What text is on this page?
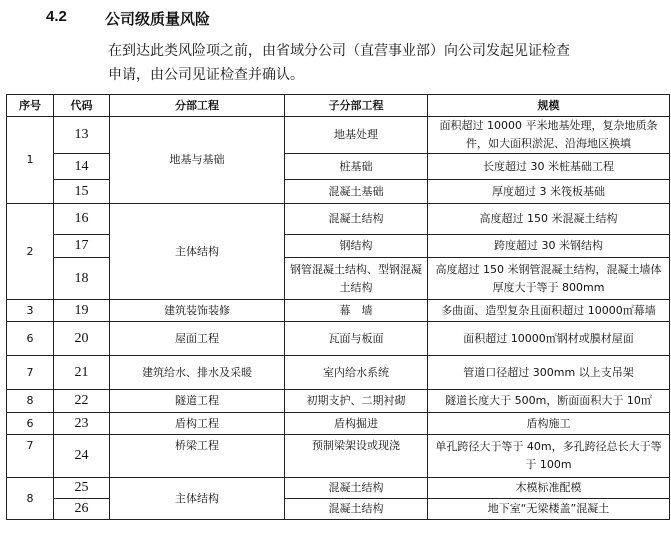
4.2	公司级质量风险
在到达此类风险项之前，由省域分公司（直营事业部）向公司发起见证检查
申请，由公司见证检查并确认。
序号	代码	分部工程	子分部工程	规模
1	13	地基与基础	地基处理	面积超过 10000 平米地基处理，复杂地质条件，如大面积淤泥、沿海地区换填
	14		桩基础	长度超过 30 米桩基础工程
	15		混凝土基础	厚度超过 3 米筏板基础
2	16	主体结构	混凝土结构	高度超过 150 米混凝土结构
	17		钢结构	跨度超过 30 米钢结构
	18		钢管混凝土结构、型钢混凝土结构	高度超过 150 米钢管混凝土结构，混凝土墙体厚度大于等于 800mm
3	19	建筑装饰装修	幕　墙	多曲面、造型复杂且面积超过 10000㎡幕墙
6	20	屋面工程	瓦面与板面	面积超过 10000㎡钢材或膜材屋面
7	21	建筑给水、排水及采暖	室内给水系统	管道口径超过 300mm 以上支吊架
8	22	隧道工程	初期支护、二期衬砌	隧道长度大于 500m，断面面积大于 10㎡
6	23	盾构工程	盾构掘进	盾构施工
7	24	桥梁工程	预制梁架设或现浇	单孔跨径大于等于 40m，多孔跨径总长大于等于 100m
8	25	主体结构	混凝土结构	木模标准配模
	26		混凝土结构	地下室“无梁楼盖”混凝土
